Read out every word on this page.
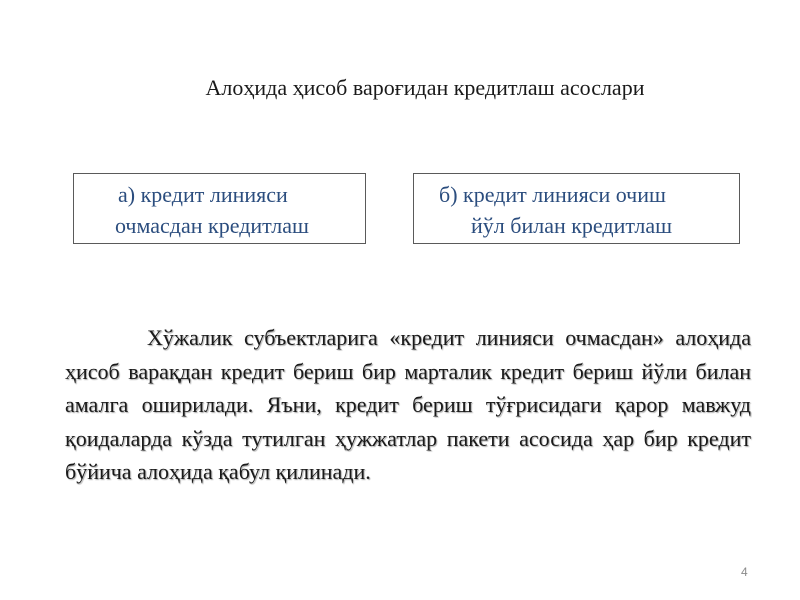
Алоҳида ҳисоб варoғидан кредитлаш асослари
а) кредит линияси
очмасдан кредитлаш
б) кредит линияси очиш
йўл билан кредитлаш

Хўжалик субъектларига «кредит линияси очмасдан» алоҳида ҳисоб варақдан кредит бериш бир марталик кредит бериш йўли билан амалга оширилади. Яъни, кредит бериш тўғрисидаги қарор мавжуд қоидаларда кўзда тутилган ҳужжатлар пакети асосида ҳар бир кредит бўйича алоҳида қабул қилинади.

4
